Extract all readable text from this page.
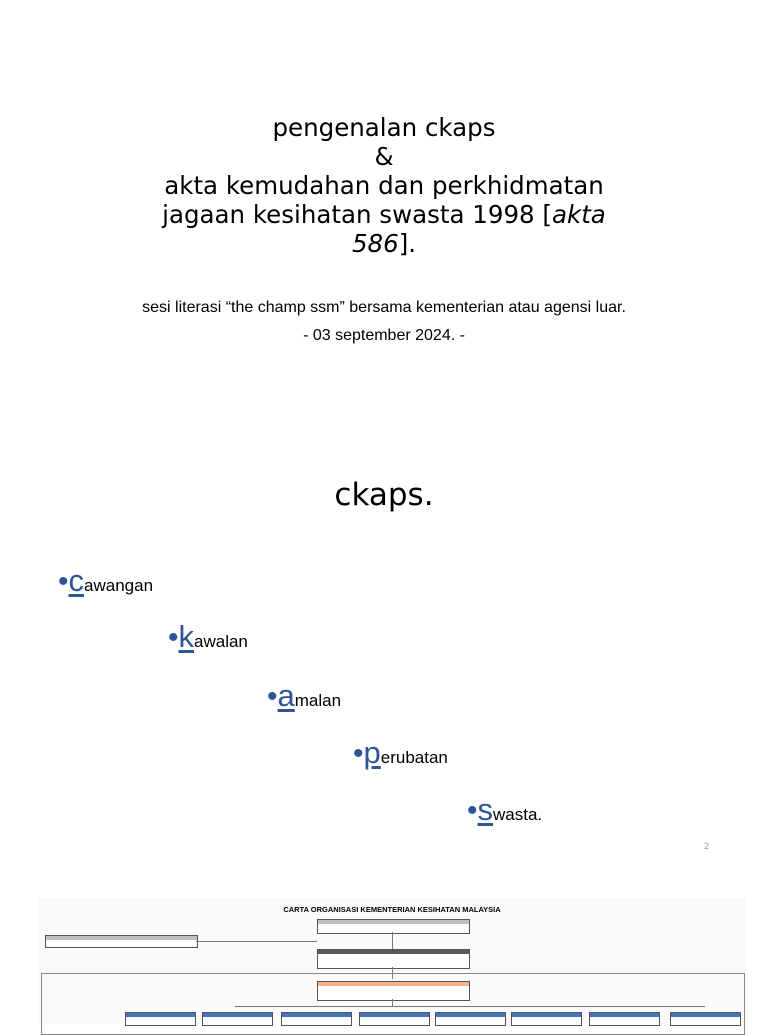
pengenalan ckaps
&
akta kemudahan dan perkhidmatan
jagaan kesihatan swasta 1998 [akta
586].
sesi literasi “the champ ssm” bersama kementerian atau agensi luar.
- 03 september 2024. -
ckaps.
• c awangan
• k awalan
• a malan
• p erubatan
• s wasta.
2
CARTA ORGANISASI KEMENTERIAN KESIHATAN MALAYSIA
